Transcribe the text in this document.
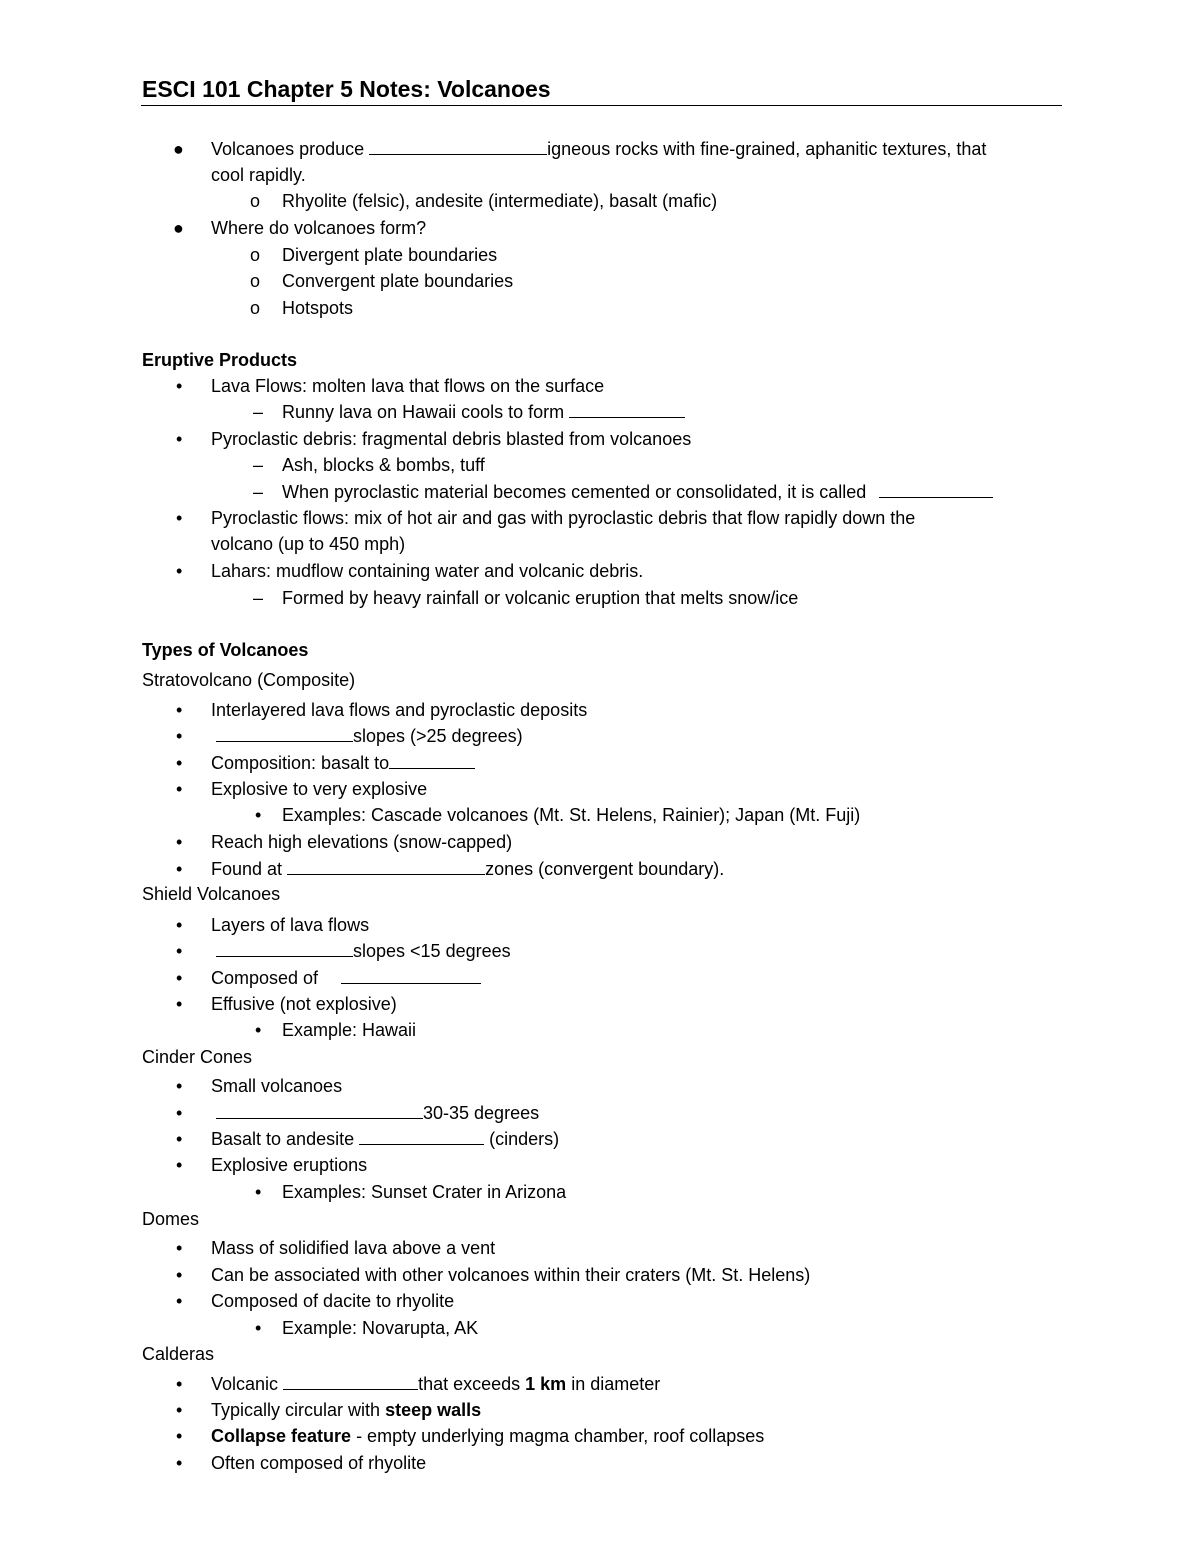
ESCI 101 Chapter 5 Notes: Volcanoes
● Volcanoes produce	igneous rocks with fine-grained, aphanitic textures, that
cool rapidly.
o Rhyolite (felsic), andesite (intermediate), basalt (mafic)
● Where do volcanoes form?
o Divergent plate boundaries
o Convergent plate boundaries
o Hotspots
Eruptive Products
• Lava Flows: molten lava that flows on the surface
– Runny lava on Hawaii cools to form
• Pyroclastic debris: fragmental debris blasted from volcanoes
– Ash, blocks & bombs, tuff
– When pyroclastic material becomes cemented or consolidated, it is called
• Pyroclastic flows: mix of hot air and gas with pyroclastic debris that flow rapidly down the
volcano (up to 450 mph)
• Lahars: mudflow containing water and volcanic debris.
– Formed by heavy rainfall or volcanic eruption that melts snow/ice
Types of Volcanoes
Stratovolcano (Composite)
• Interlayered lava flows and pyroclastic deposits
•	slopes (>25 degrees)
• Composition: basalt to
• Explosive to very explosive
• Examples: Cascade volcanoes (Mt. St. Helens, Rainier); Japan (Mt. Fuji)
• Reach high elevations (snow-capped)
• Found at	zones (convergent boundary).
Shield Volcanoes
• Layers of lava flows
•	slopes <15 degrees
• Composed of
• Effusive (not explosive)
• Example: Hawaii
Cinder Cones
• Small volcanoes
•	30-35 degrees
• Basalt to andesite	(cinders)
• Explosive eruptions
• Examples: Sunset Crater in Arizona
Domes
• Mass of solidified lava above a vent
• Can be associated with other volcanoes within their craters (Mt. St. Helens)
• Composed of dacite to rhyolite
• Example: Novarupta, AK
Calderas
• Volcanic	that exceeds 1 km in diameter
• Typically circular with steep walls
• Collapse feature - empty underlying magma chamber, roof collapses
• Often composed of rhyolite
